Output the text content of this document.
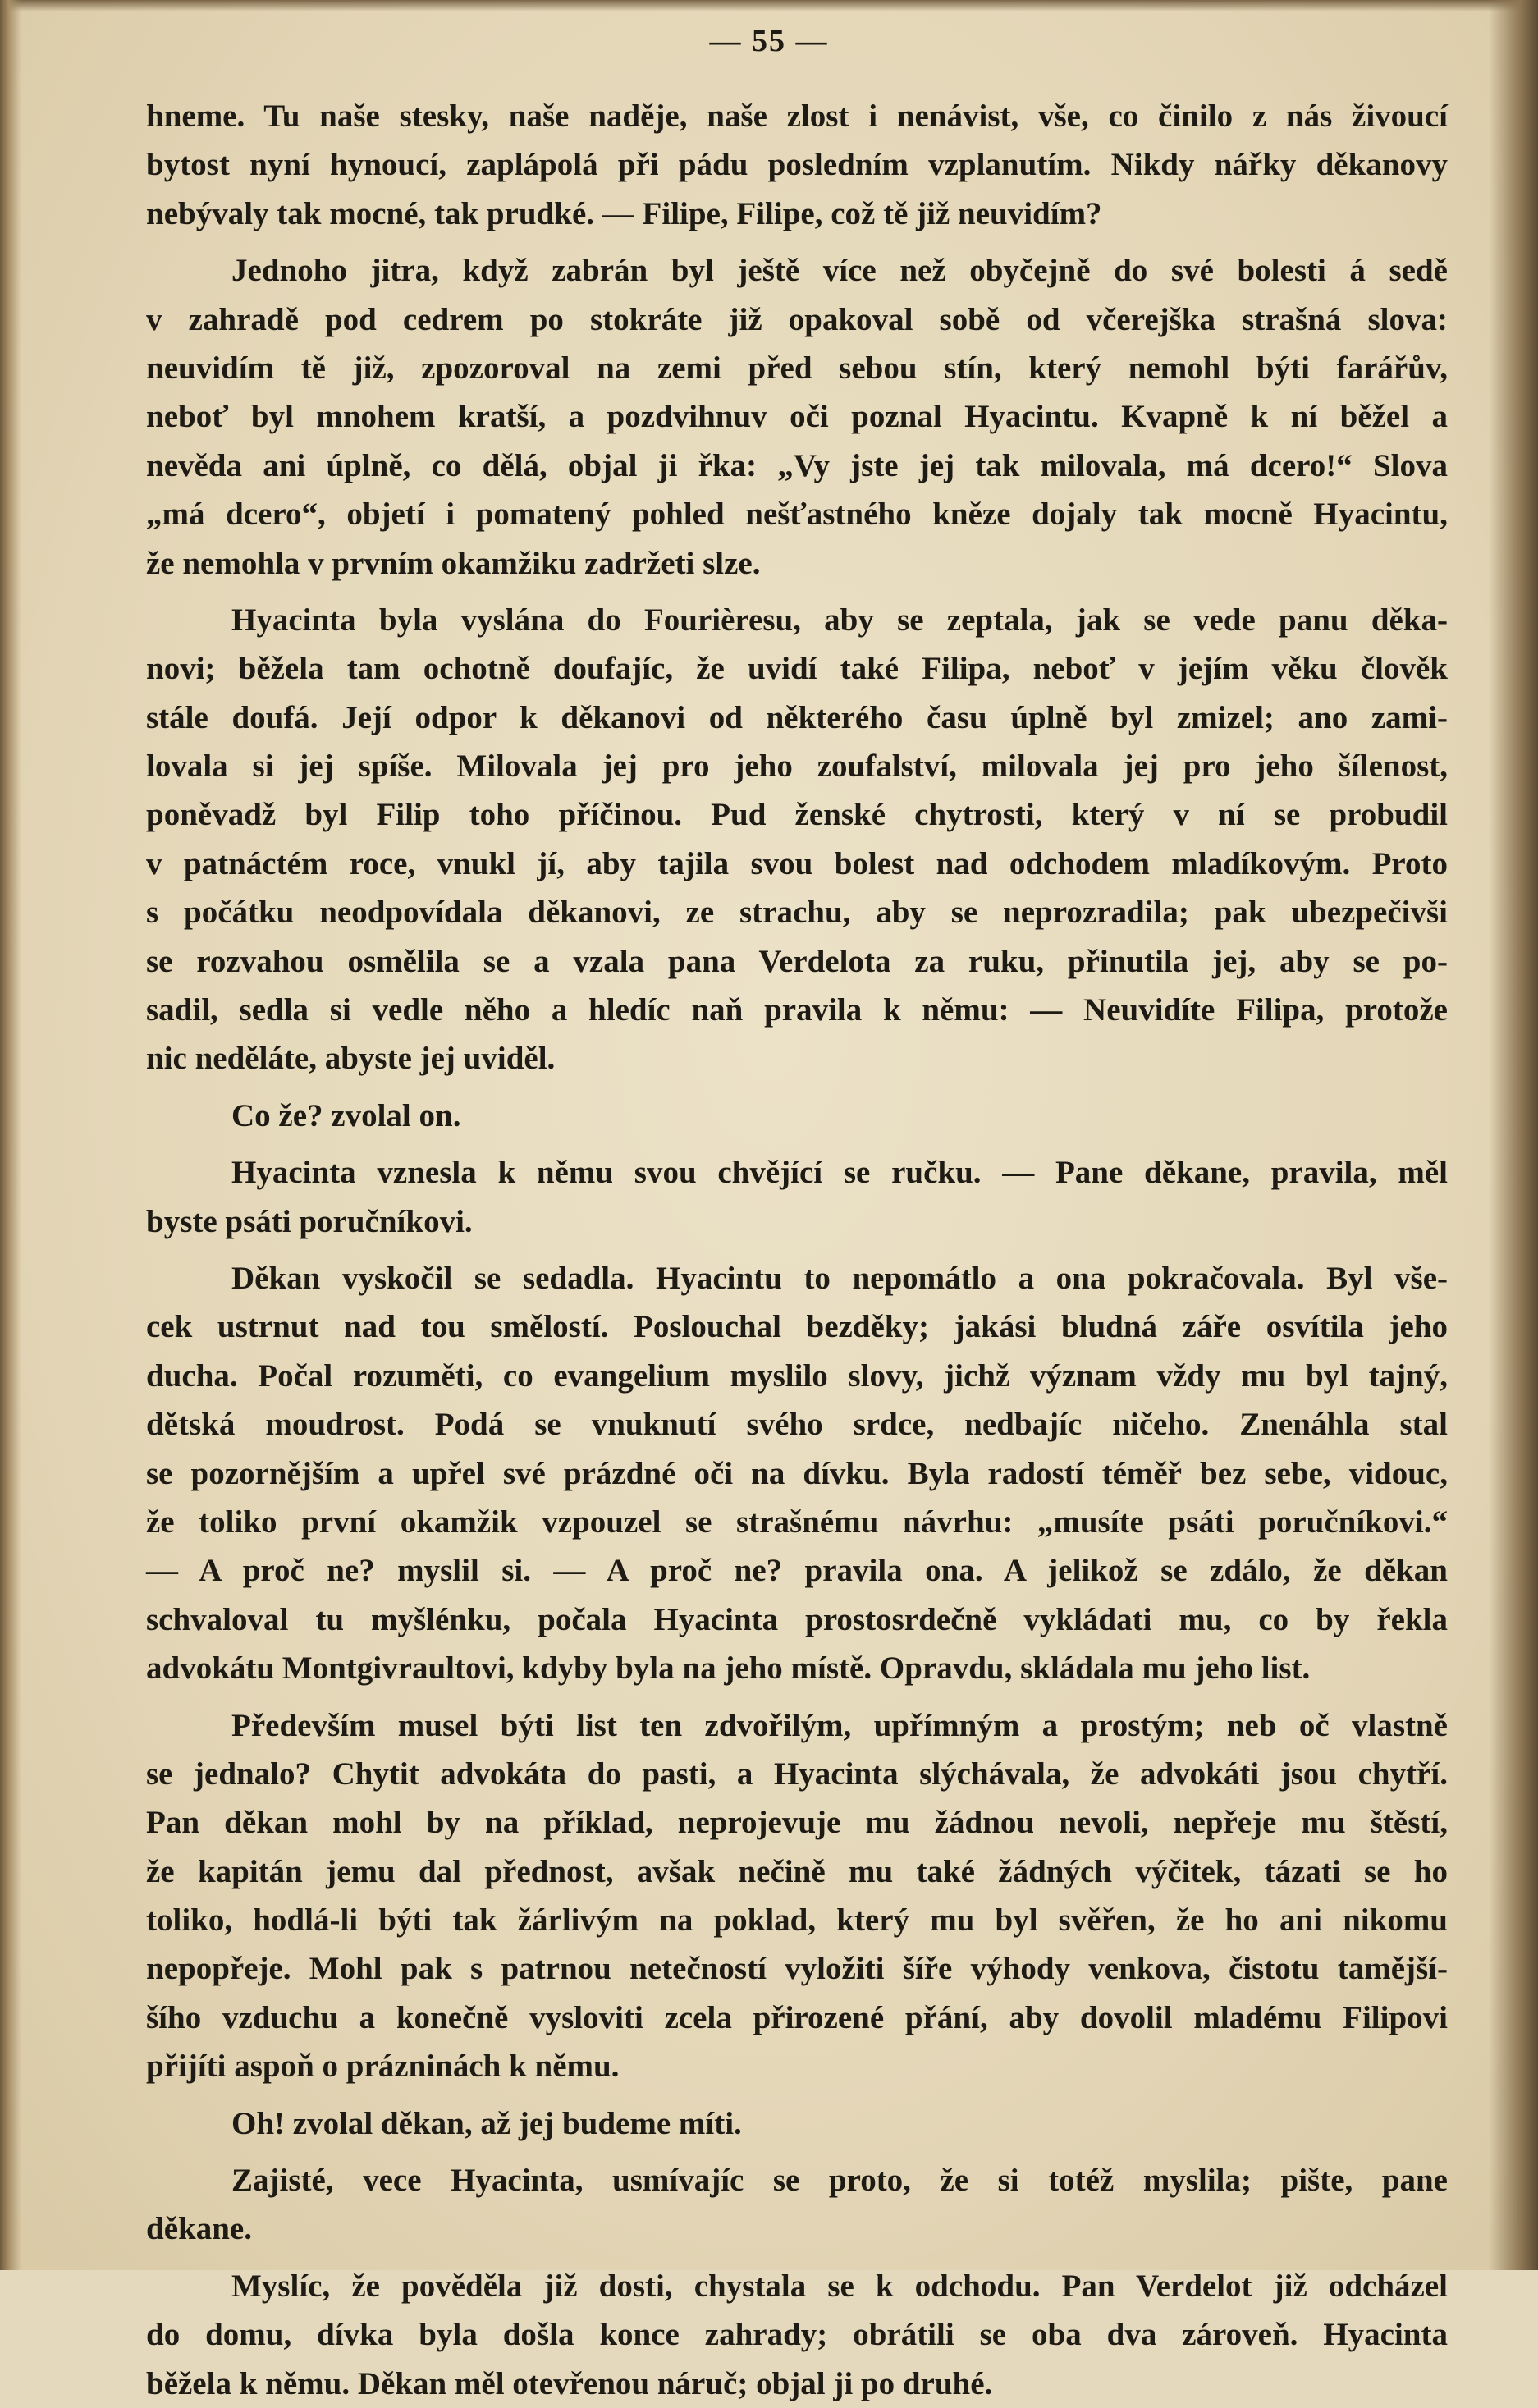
— 55 —
hneme. Tu naše stesky, naše naděje, naše zlost i nenávist, vše, co činilo z nás živoucí
bytost nyní hynoucí, zaplápolá při pádu posledním vzplanutím. Nikdy nářky děkanovy
nebývaly tak mocné, tak prudké. — Filipe, Filipe, což tě již neuvidím?
Jednoho jitra, když zabrán byl ještě více než obyčejně do své bolesti á sedě
v zahradě pod cedrem po stokráte již opakoval sobě od včerejška strašná slova:
neuvidím tě již, zpozoroval na zemi před sebou stín, který nemohl býti farářův,
neboť byl mnohem kratší, a pozdvihnuv oči poznal Hyacintu. Kvapně k ní běžel a
nevěda ani úplně, co dělá, objal ji řka: „Vy jste jej tak milovala, má dcero!“ Slova
„má dcero“, objetí i pomatený pohled nešťastného kněze dojaly tak mocně Hyacintu,
že nemohla v prvním okamžiku zadržeti slze.
Hyacinta byla vyslána do Fourièresu, aby se zeptala, jak se vede panu děka-
novi; běžela tam ochotně doufajíc, že uvidí také Filipa, neboť v jejím věku člověk
stále doufá. Její odpor k děkanovi od některého času úplně byl zmizel; ano zami-
lovala si jej spíše. Milovala jej pro jeho zoufalství, milovala jej pro jeho šílenost,
poněvadž byl Filip toho příčinou. Pud ženské chytrosti, který v ní se probudil
v patnáctém roce, vnukl jí, aby tajila svou bolest nad odchodem mladíkovým. Proto
s počátku neodpovídala děkanovi, ze strachu, aby se neprozradila; pak ubezpečivši
se rozvahou osmělila se a vzala pana Verdelota za ruku, přinutila jej, aby se po-
sadil, sedla si vedle něho a hledíc naň pravila k němu: — Neuvidíte Filipa, protože
nic neděláte, abyste jej uviděl.
Co že? zvolal on.
Hyacinta vznesla k němu svou chvějící se ručku. — Pane děkane, pravila, měl
byste psáti poručníkovi.
Děkan vyskočil se sedadla. Hyacintu to nepomátlo a ona pokračovala. Byl vše-
cek ustrnut nad tou smělostí. Poslouchal bezděky; jakási bludná záře osvítila jeho
ducha. Počal rozuměti, co evangelium myslilo slovy, jichž význam vždy mu byl tajný,
dětská moudrost. Podá se vnuknutí svého srdce, nedbajíc ničeho. Znenáhla stal
se pozornějším a upřel své prázdné oči na dívku. Byla radostí téměř bez sebe, vidouc,
že toliko první okamžik vzpouzel se strašnému návrhu: „musíte psáti poručníkovi.“
— A proč ne? myslil si. — A proč ne? pravila ona. A jelikož se zdálo, že děkan
schvaloval tu myšlénku, počala Hyacinta prostosrdečně vykládati mu, co by řekla
advokátu Montgivraultovi, kdyby byla na jeho místě. Opravdu, skládala mu jeho list.
Především musel býti list ten zdvořilým, upřímným a prostým; neb oč vlastně
se jednalo? Chytit advokáta do pasti, a Hyacinta slýchávala, že advokáti jsou chytří.
Pan děkan mohl by na příklad, neprojevuje mu žádnou nevoli, nepřeje mu štěstí,
že kapitán jemu dal přednost, avšak nečině mu také žádných výčitek, tázati se ho
toliko, hodlá-li býti tak žárlivým na poklad, který mu byl svěřen, že ho ani nikomu
nepopřeje. Mohl pak s patrnou netečností vyložiti šíře výhody venkova, čistotu tamější-
šího vzduchu a konečně vysloviti zcela přirozené přání, aby dovolil mladému Filipovi
přijíti aspoň o prázninách k němu.
Oh! zvolal děkan, až jej budeme míti.
Zajisté, vece Hyacinta, usmívajíc se proto, že si totéž myslila; pište, pane
děkane.
Myslíc, že pověděla již dosti, chystala se k odchodu. Pan Verdelot již odcházel
do domu, dívka byla došla konce zahrady; obrátili se oba dva zároveň. Hyacinta
běžela k němu. Děkan měl otevřenou náruč; objal ji po druhé.
